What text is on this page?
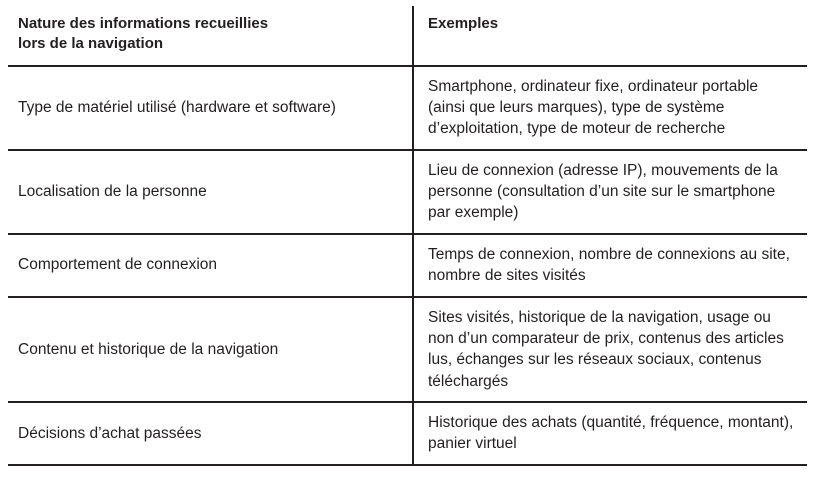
Nature des informations recueillies
lors de la navigation	Exemples

Type de matériel utilisé (hardware et software)	Smartphone, ordinateur fixe, ordinateur portable (ainsi que leurs marques), type de système d’exploitation, type de moteur de recherche

Localisation de la personne	Lieu de connexion (adresse IP), mouvements de la personne (consultation d’un site sur le smartphone par exemple)

Comportement de connexion	Temps de connexion, nombre de connexions au site, nombre de sites visités

Contenu et historique de la navigation	Sites visités, historique de la navigation, usage ou non d’un comparateur de prix, contenus des articles lus, échanges sur les réseaux sociaux, contenus téléchargés

Décisions d’achat passées	Historique des achats (quantité, fréquence, montant), panier virtuel
